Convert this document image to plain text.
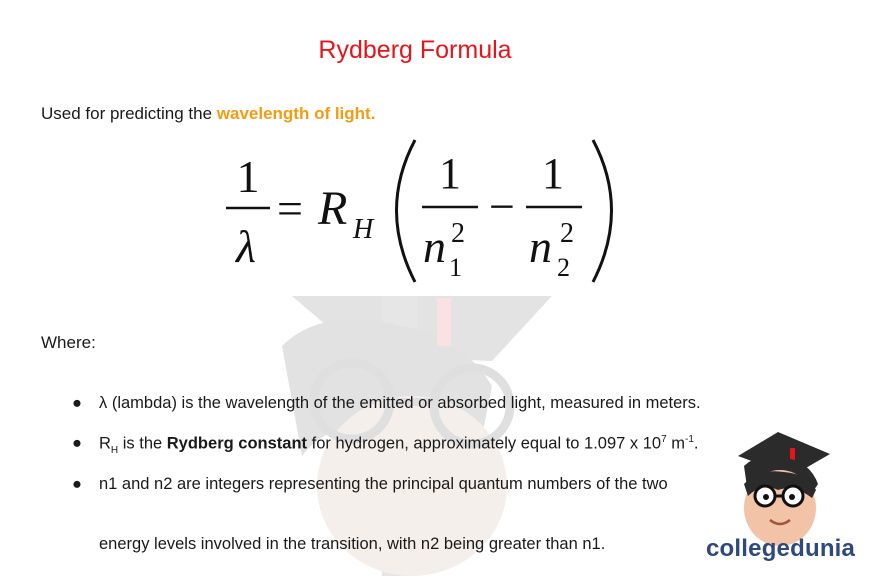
Rydberg Formula
Used for predicting the wavelength of light.
1
λ
= R H
1
n 2
1
−
1
n 2
2
Where:
● λ (lambda) is the wavelength of the emitted or absorbed light, measured in meters.
● $R_H$ is the Rydberg constant for hydrogen, approximately equal to 1.097 x $10^7$ $m^{-1}$.
● n1 and n2 are integers representing the principal quantum numbers of the two
energy levels involved in the transition, with n2 being greater than n1.	collegedunia
